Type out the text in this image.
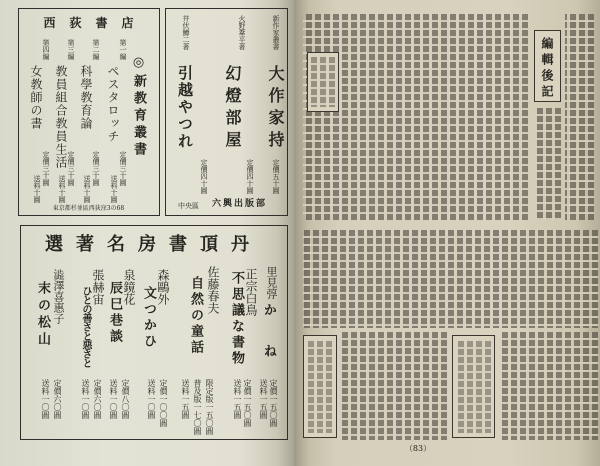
西荻書店
◎新教育叢書
第一編
ペスタロッチ
定價三十圓
送料十圓
第二編
科學教育論
定價三十圓
送料十圓
第三編
教員組合教員生活 定價三十圓
送料十圓
第四編
女教師の書
定價三十圓
送料十圓
東京都杉並區西荻窪3の68
新作家叢書
大作家持
定價五十圓
火野葦平著
幻燈部屋
定價四十圓
井伏鱒二著
引越やつれ
定價四十圓
中央區 六興出版部
丹頂書房名著選
里見弴
かね
定價一五〇圓
送料一五圓
正宗白鳥
不思議な書物
定價一五〇圓
送料一五圓
佐藤春夫
自然の童話
限定版一五〇圓
普及版一七〇圓
送料一五圓
森鷗外
文つかひ
定價一〇〇圓
送料一〇圓
泉鏡花
辰巳巷談
定價八〇圓
送料一〇圓
張赫宙
ひとの善さと惡さと
定價六〇圓
送料一〇圓
澁澤喜惠子
末の松山
定價六〇圓
送料一〇圓
編輯後記
（83）
